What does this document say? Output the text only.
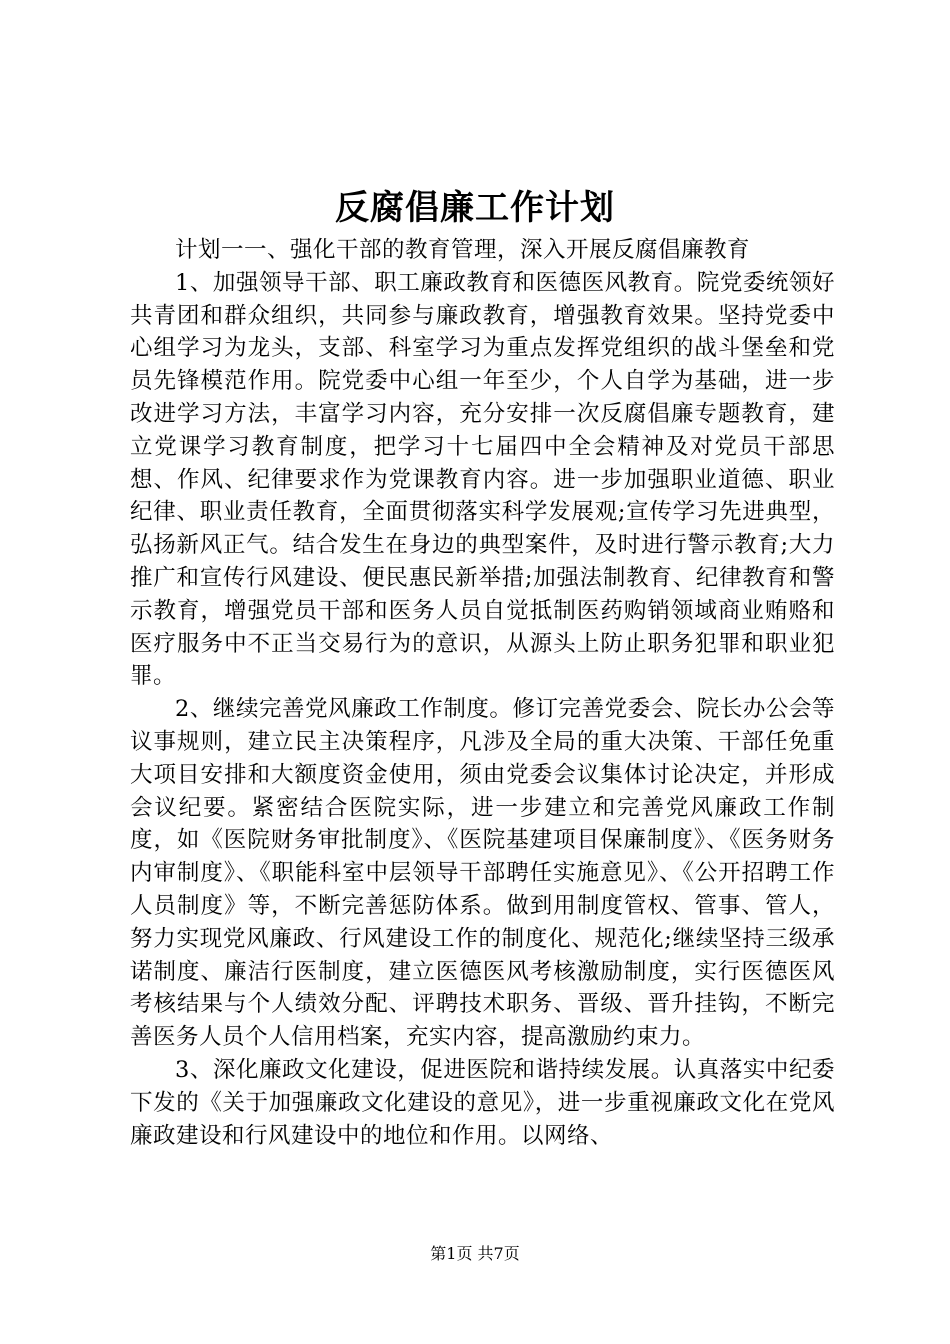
反腐倡廉工作计划

计划一一、强化干部的教育管理，深入开展反腐倡廉教育

1、加强领导干部、职工廉政教育和医德医风教育。院党委统领好共青团和群众组织，共同参与廉政教育，增强教育效果。坚持党委中心组学习为龙头，支部、科室学习为重点发挥党组织的战斗堡垒和党员先锋模范作用。院党委中心组一年至少，个人自学为基础，进一步改进学习方法，丰富学习内容，充分安排一次反腐倡廉专题教育，建立党课学习教育制度，把学习十七届四中全会精神及对党员干部思想、作风、纪律要求作为党课教育内容。进一步加强职业道德、职业纪律、职业责任教育，全面贯彻落实科学发展观;宣传学习先进典型，弘扬新风正气。结合发生在身边的典型案件，及时进行警示教育;大力推广和宣传行风建设、便民惠民新举措;加强法制教育、纪律教育和警示教育，增强党员干部和医务人员自觉抵制医药购销领域商业贿赂和医疗服务中不正当交易行为的意识，从源头上防止职务犯罪和职业犯罪。

2、继续完善党风廉政工作制度。修订完善党委会、院长办公会等议事规则，建立民主决策程序，凡涉及全局的重大决策、干部任免重大项目安排和大额度资金使用，须由党委会议集体讨论决定，并形成会议纪要。紧密结合医院实际，进一步建立和完善党风廉政工作制度，如《医院财务审批制度》、《医院基建项目保廉制度》、《医务财务内审制度》、《职能科室中层领导干部聘任实施意见》、《公开招聘工作人员制度》等，不断完善惩防体系。做到用制度管权、管事、管人，努力实现党风廉政、行风建设工作的制度化、规范化;继续坚持三级承诺制度、廉洁行医制度，建立医德医风考核激励制度，实行医德医风考核结果与个人绩效分配、评聘技术职务、晋级、晋升挂钩，不断完善医务人员个人信用档案，充实内容，提高激励约束力。

3、深化廉政文化建设，促进医院和谐持续发展。认真落实中纪委下发的《关于加强廉政文化建设的意见》，进一步重视廉政文化在党风廉政建设和行风建设中的地位和作用。以网络、

第1页 共7页
